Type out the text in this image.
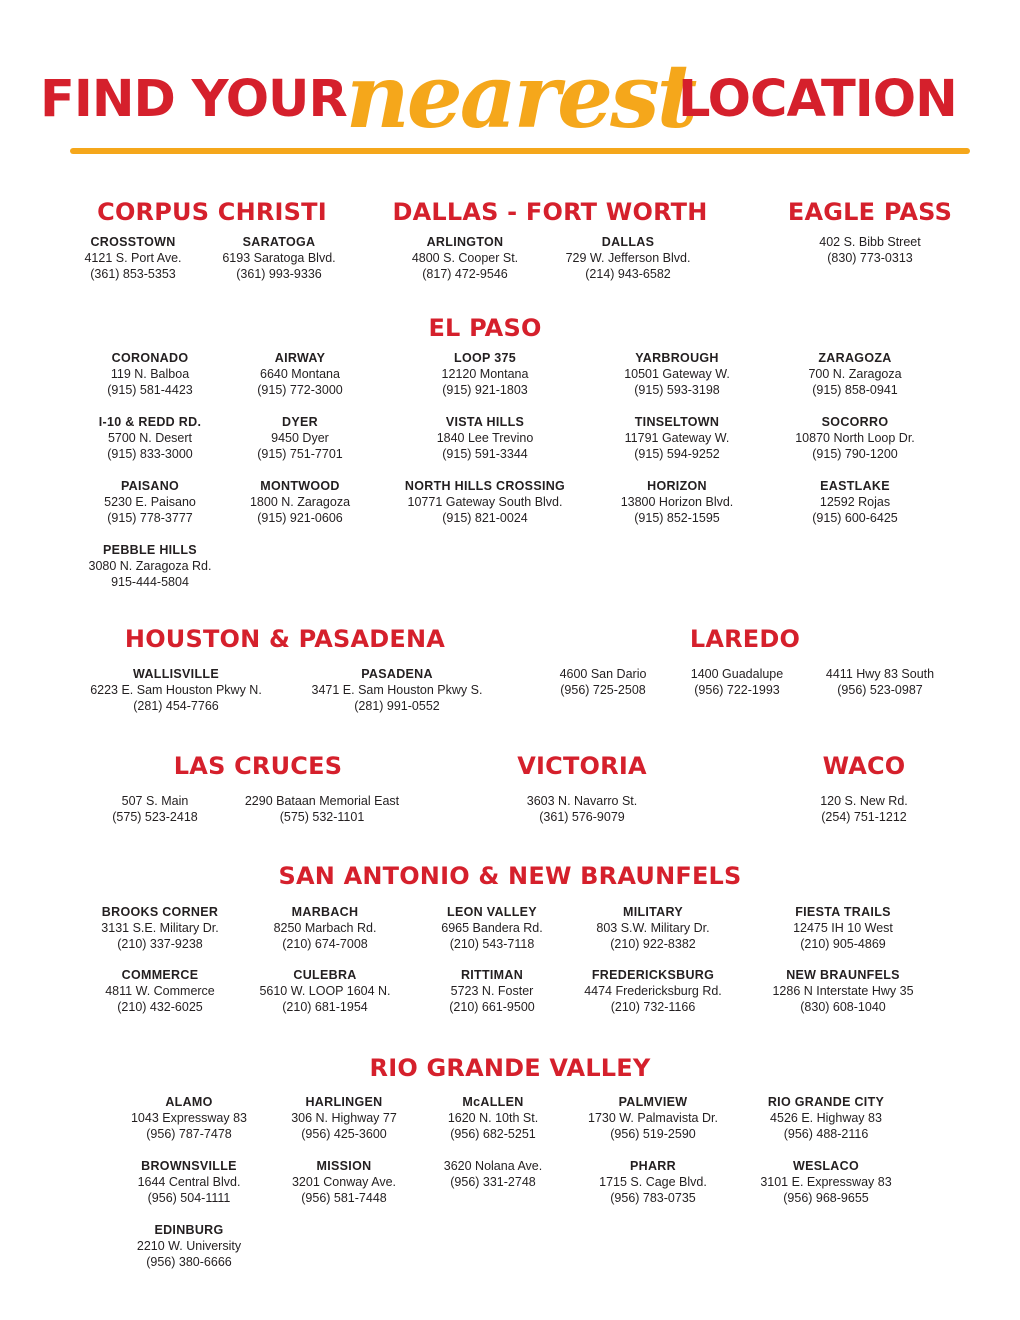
FIND YOUR
nearest
LOCATION
CORPUS CHRISTI
CROSSTOWN
4121 S. Port Ave.
(361) 853-5353
SARATOGA
6193 Saratoga Blvd.
(361) 993-9336
DALLAS - FORT WORTH
ARLINGTON
4800 S. Cooper St.
(817) 472-9546
DALLAS
729 W. Jefferson Blvd.
(214) 943-6582
EAGLE PASS
402 S. Bibb Street
(830) 773-0313
EL PASO
CORONADO
119 N. Balboa
(915) 581-4423
AIRWAY
6640 Montana
(915) 772-3000
LOOP 375
12120 Montana
(915) 921-1803
YARBROUGH
10501 Gateway W.
(915) 593-3198
ZARAGOZA
700 N. Zaragoza
(915) 858-0941
I-10 & REDD RD.
5700 N. Desert
(915) 833-3000
DYER
9450 Dyer
(915) 751-7701
VISTA HILLS
1840 Lee Trevino
(915) 591-3344
TINSELTOWN
11791 Gateway W.
(915) 594-9252
SOCORRO
10870 North Loop Dr.
(915) 790-1200
PAISANO
5230 E. Paisano
(915) 778-3777
MONTWOOD
1800 N. Zaragoza
(915) 921-0606
NORTH HILLS CROSSING
10771 Gateway South Blvd.
(915) 821-0024
HORIZON
13800 Horizon Blvd.
(915) 852-1595
EASTLAKE
12592 Rojas
(915) 600-6425
PEBBLE HILLS
3080 N. Zaragoza Rd.
915-444-5804
HOUSTON & PASADENA
WALLISVILLE
6223 E. Sam Houston Pkwy N.
(281) 454-7766
PASADENA
3471 E. Sam Houston Pkwy S.
(281) 991-0552
LAREDO
4600 San Dario
(956) 725-2508
1400 Guadalupe
(956) 722-1993
4411 Hwy 83 South
(956) 523-0987
LAS CRUCES
507 S. Main
(575) 523-2418
2290 Bataan Memorial East
(575) 532-1101
VICTORIA
3603 N. Navarro St.
(361) 576-9079
WACO
120 S. New Rd.
(254) 751-1212
SAN ANTONIO & NEW BRAUNFELS
BROOKS CORNER
3131 S.E. Military Dr.
(210) 337-9238
MARBACH
8250 Marbach Rd.
(210) 674-7008
LEON VALLEY
6965 Bandera Rd.
(210) 543-7118
MILITARY
803 S.W. Military Dr.
(210) 922-8382
FIESTA TRAILS
12475 IH 10 West
(210) 905-4869
COMMERCE
4811 W. Commerce
(210) 432-6025
CULEBRA
5610 W. LOOP 1604 N.
(210) 681-1954
RITTIMAN
5723 N. Foster
(210) 661-9500
FREDERICKSBURG
4474 Fredericksburg Rd.
(210) 732-1166
NEW BRAUNFELS
1286 N Interstate Hwy 35
(830) 608-1040
RIO GRANDE VALLEY
ALAMO
1043 Expressway 83
(956) 787-7478
HARLINGEN
306 N. Highway 77
(956) 425-3600
McALLEN
1620 N. 10th St.
(956) 682-5251
PALMVIEW
1730 W. Palmavista Dr.
(956) 519-2590
RIO GRANDE CITY
4526 E. Highway 83
(956) 488-2116
BROWNSVILLE
1644 Central Blvd.
(956) 504-1111
MISSION
3201 Conway Ave.
(956) 581-7448
3620 Nolana Ave.
(956) 331-2748
PHARR
1715 S. Cage Blvd.
(956) 783-0735
WESLACO
3101 E. Expressway 83
(956) 968-9655
EDINBURG
2210 W. University
(956) 380-6666
